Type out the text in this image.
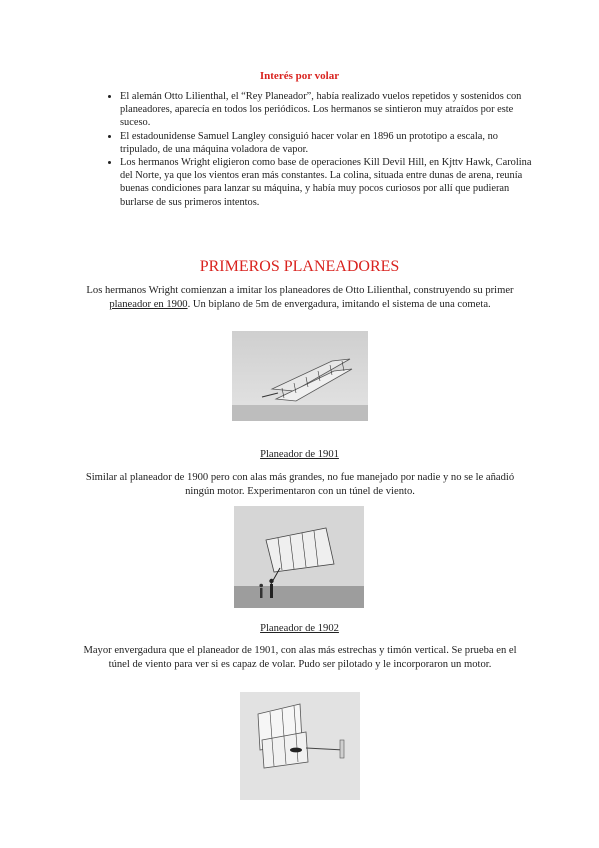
Interés por volar
• El alemán Otto Lilienthal, el “Rey Planeador”, había realizado vuelos repetidos y sostenidos con planeadores, aparecía en todos los periódicos. Los hermanos se sintieron muy atraídos por este suceso.
• El estadounidense Samuel Langley consiguió hacer volar en 1896 un prototipo a escala, no tripulado, de una máquina voladora de vapor.
• Los hermanos Wright eligieron como base de operaciones Kill Devil Hill, en Kjttv Hawk, Carolina del Norte, ya que los vientos eran más constantes. La colina, situada entre dunas de arena, reunía buenas condiciones para lanzar su máquina, y había muy pocos curiosos por allí que pudieran burlarse de sus primeros intentos.
PRIMEROS PLANEADORES
Los hermanos Wright comienzan a imitar los planeadores de Otto Lilienthal, construyendo su primer planeador en 1900. Un biplano de 5m de envergadura, imitando el sistema de una cometa.
Planeador de 1901
Similar al planeador de 1900 pero con alas más grandes, no fue manejado por nadie y no se le añadió ningún motor. Experimentaron con un túnel de viento.
Planeador de 1902
Mayor envergadura que el planeador de 1901, con alas más estrechas y timón vertical. Se prueba en el túnel de viento para ver si es capaz de volar. Pudo ser pilotado y le incorporaron un motor.
